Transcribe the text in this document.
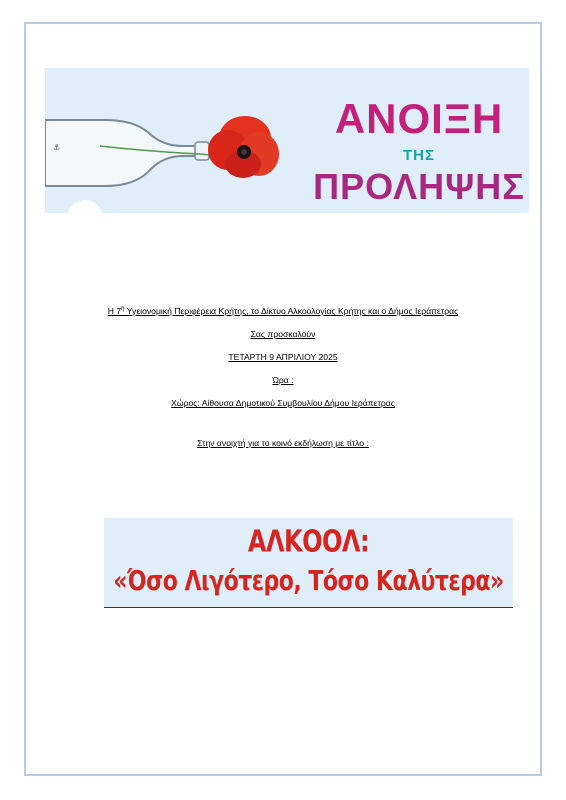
⚓
ΑΝΟΙΞΗ
ΤΗΣ
ΠΡΟΛΗΨΗΣ

Η $7^\eta$ Υγειονομική Περιφέρεια Κρήτης, το Δίκτυο Αλκοολογίας Κρήτης και ο Δήμος Ιεράπετρας

Σας προσκαλούν

ΤΕΤΑΡΤΗ 9 ΑΠΡΙΛΙΟΥ 2025

Ώρα :

Χώρος: Αίθουσα Δημοτικού Συμβουλίου Δήμου Ιεράπετρας

Στην ανοιχτή για το κοινό εκδήλωση με τίτλο :

ΑΛΚΟΟΛ:
«Όσο Λιγότερο, Τόσο Καλύτερα»
